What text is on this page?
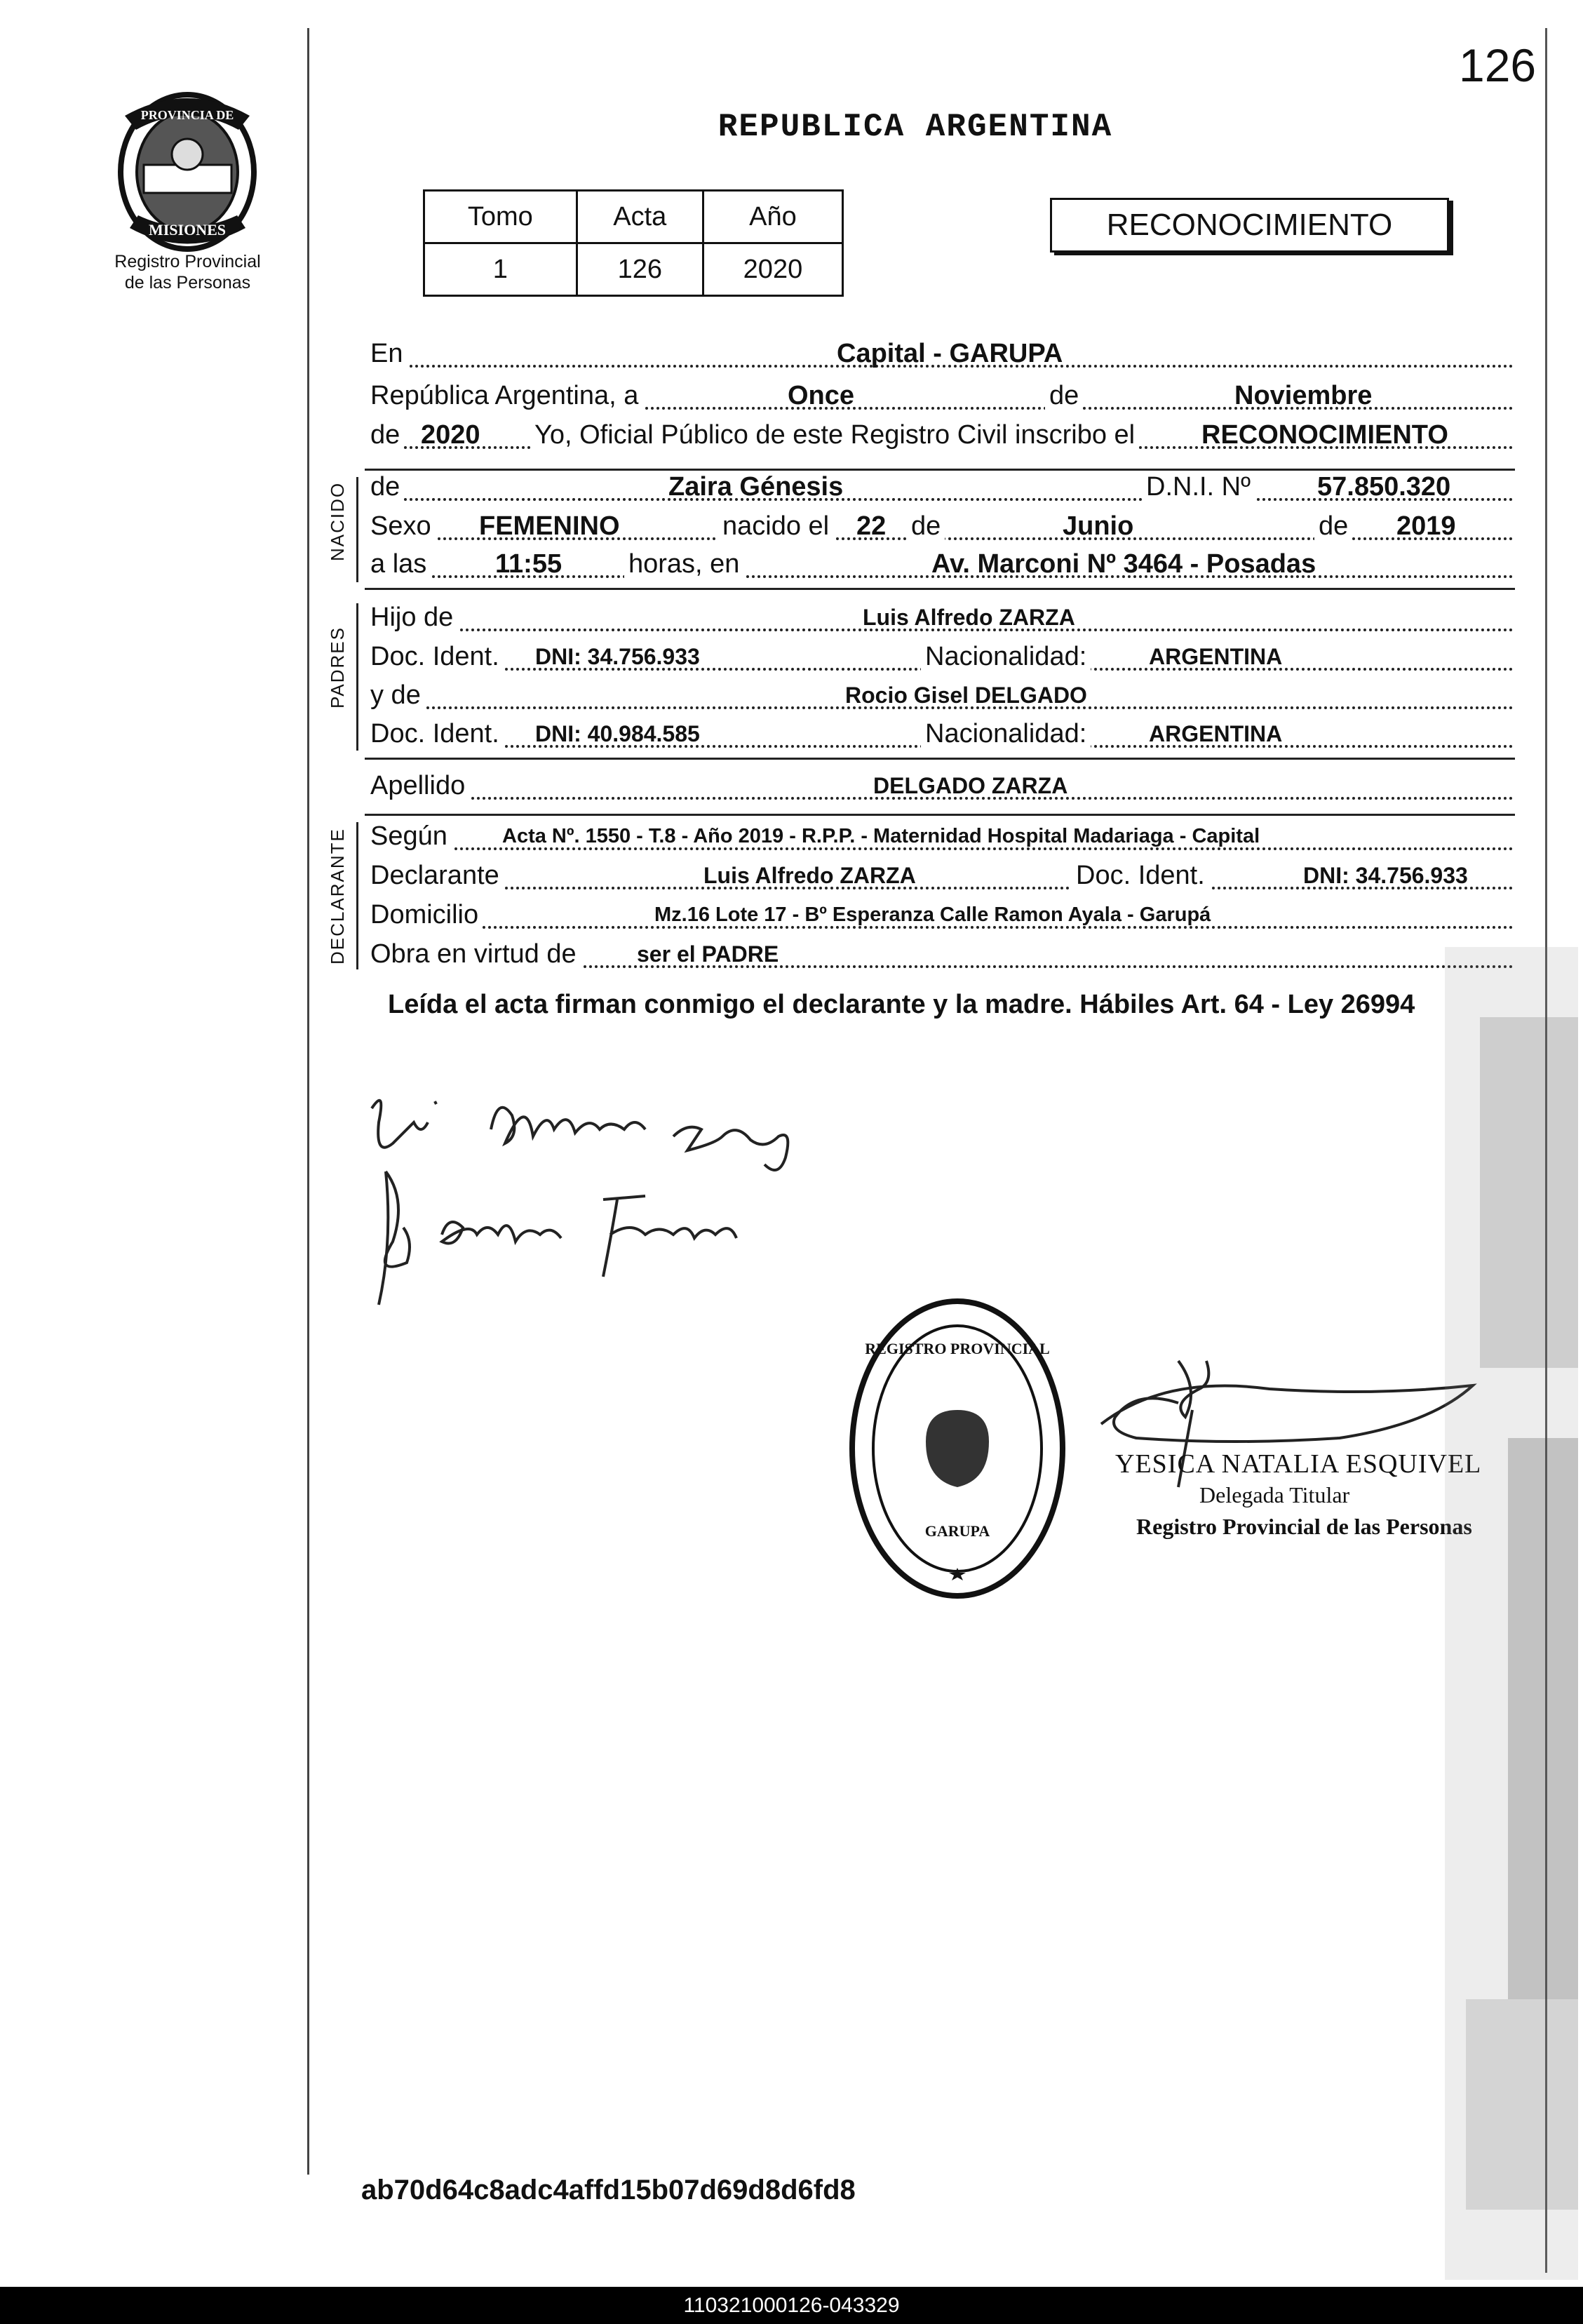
PROVINCIA DE
MISIONES
Registro Provincial
de las Personas
126
REPUBLICA ARGENTINA
Tomo	Acta	Año
1	126	2020
RECONOCIMIENTO
En	Capital - GARUPA
República Argentina, a	Once	de	Noviembre
de 2020 Yo, Oficial Público de este Registro Civil inscribo el RECONOCIMIENTO
NACIDO de	Zaira Génesis	D.N.I. Nº	57.850.320
Sexo FEMENINO	nacido el 22 de	Junio	de 2019
a las	11:55 horas, en	Av. Marconi Nº 3464 - Posadas
PADRES
Hijo de	Luis Alfredo ZARZA
Doc. Ident. DNI: 34.756.933	Nacionalidad:	ARGENTINA
y de	Rocio Gisel DELGADO
Doc. Ident. DNI: 40.984.585	Nacionalidad:	ARGENTINA
Apellido	DELGADO ZARZA
DECLARANTE Según	Acta Nº. 1550 - T.8 - Año 2019 - R.P.P. - Maternidad Hospital Madariaga - Capital
Declarante	Luis Alfredo ZARZA	Doc. Ident.	DNI: 34.756.933
Domicilio	Mz.16 Lote 17 - Bº Esperanza Calle Ramon Ayala - Garupá
Obra en virtud de	ser el PADRE
Leída el acta firman conmigo el declarante y la madre. Hábiles Art. 64 - Ley 26994
REGISTRO PROVINCIAL
GARUPA
YESICA NATALIA ESQUIVEL
Delegada Titular
Registro Provincial de las Personas
ab70d64c8adc4affd15b07d69d8d6fd8
110321000126-043329
